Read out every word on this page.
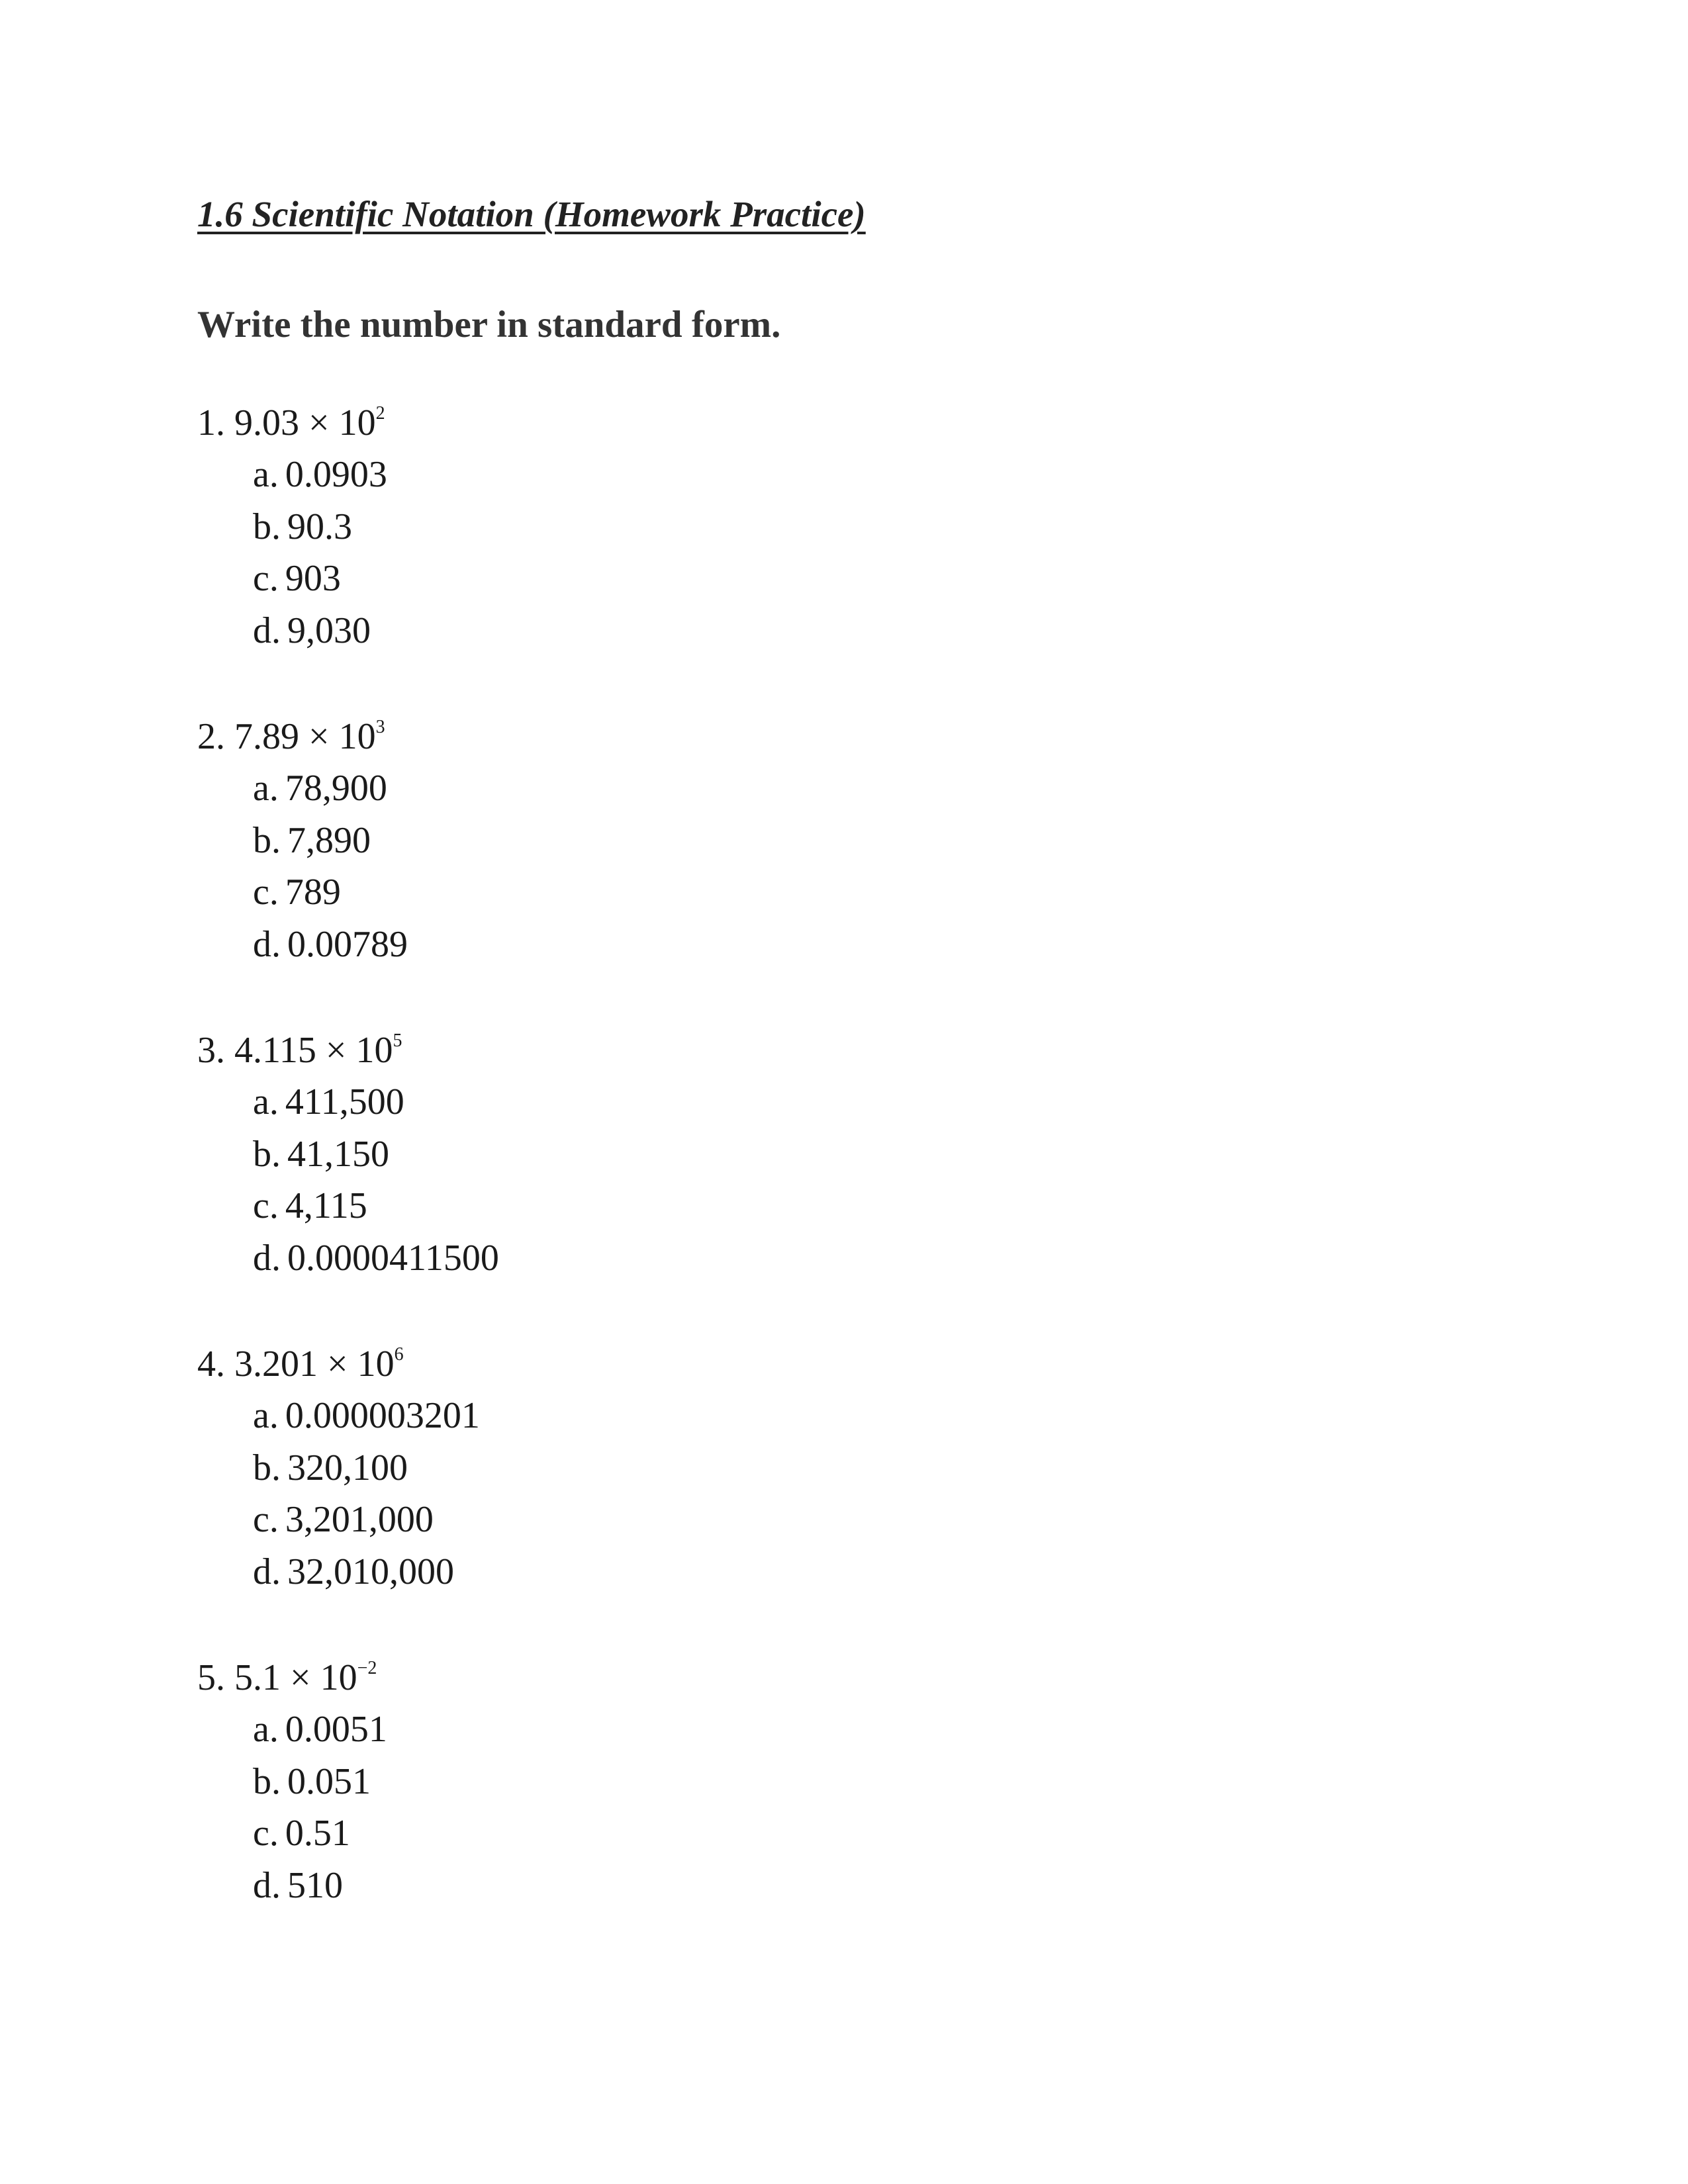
1.6 Scientific Notation (Homework Practice)
Write the number in standard form.
1. $9.03 \times 10^2$
a. 0.0903
b. 90.3
c. 903
d. 9,030
2. $7.89 \times 10^3$
a. 78,900
b. 7,890
c. 789
d. 0.00789
3. $4.115 \times 10^5$
a. 411,500
b. 41,150
c. 4,115
d. 0.0000411500
4. $3.201 \times 10^6$
a. 0.000003201
b. 320,100
c. 3,201,000
d. 32,010,000
5. $5.1 \times 10^{-2}$
a. 0.0051
b. 0.051
c. 0.51
d. 510
